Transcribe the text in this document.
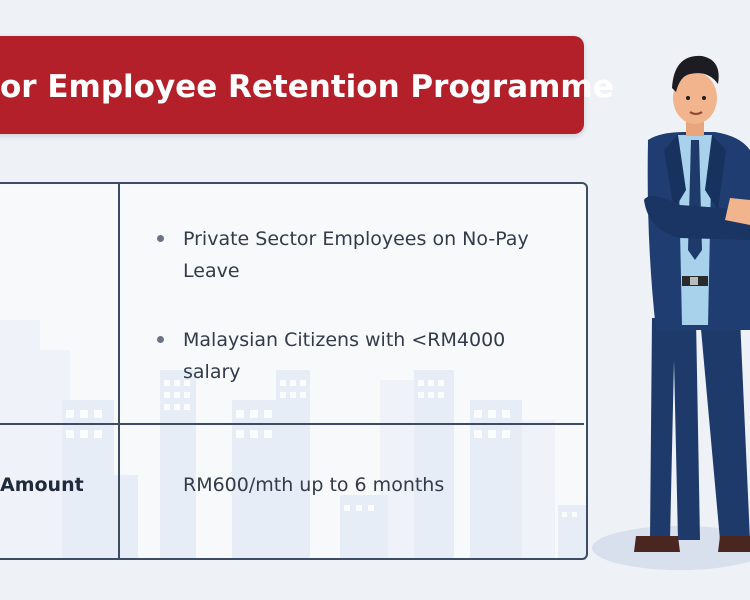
or Employee Retention Programme
Private Sector Employees on No-Pay
Leave
Malaysian Citizens with <RM4000
salary
Amount	RM600/mth up to 6 months
